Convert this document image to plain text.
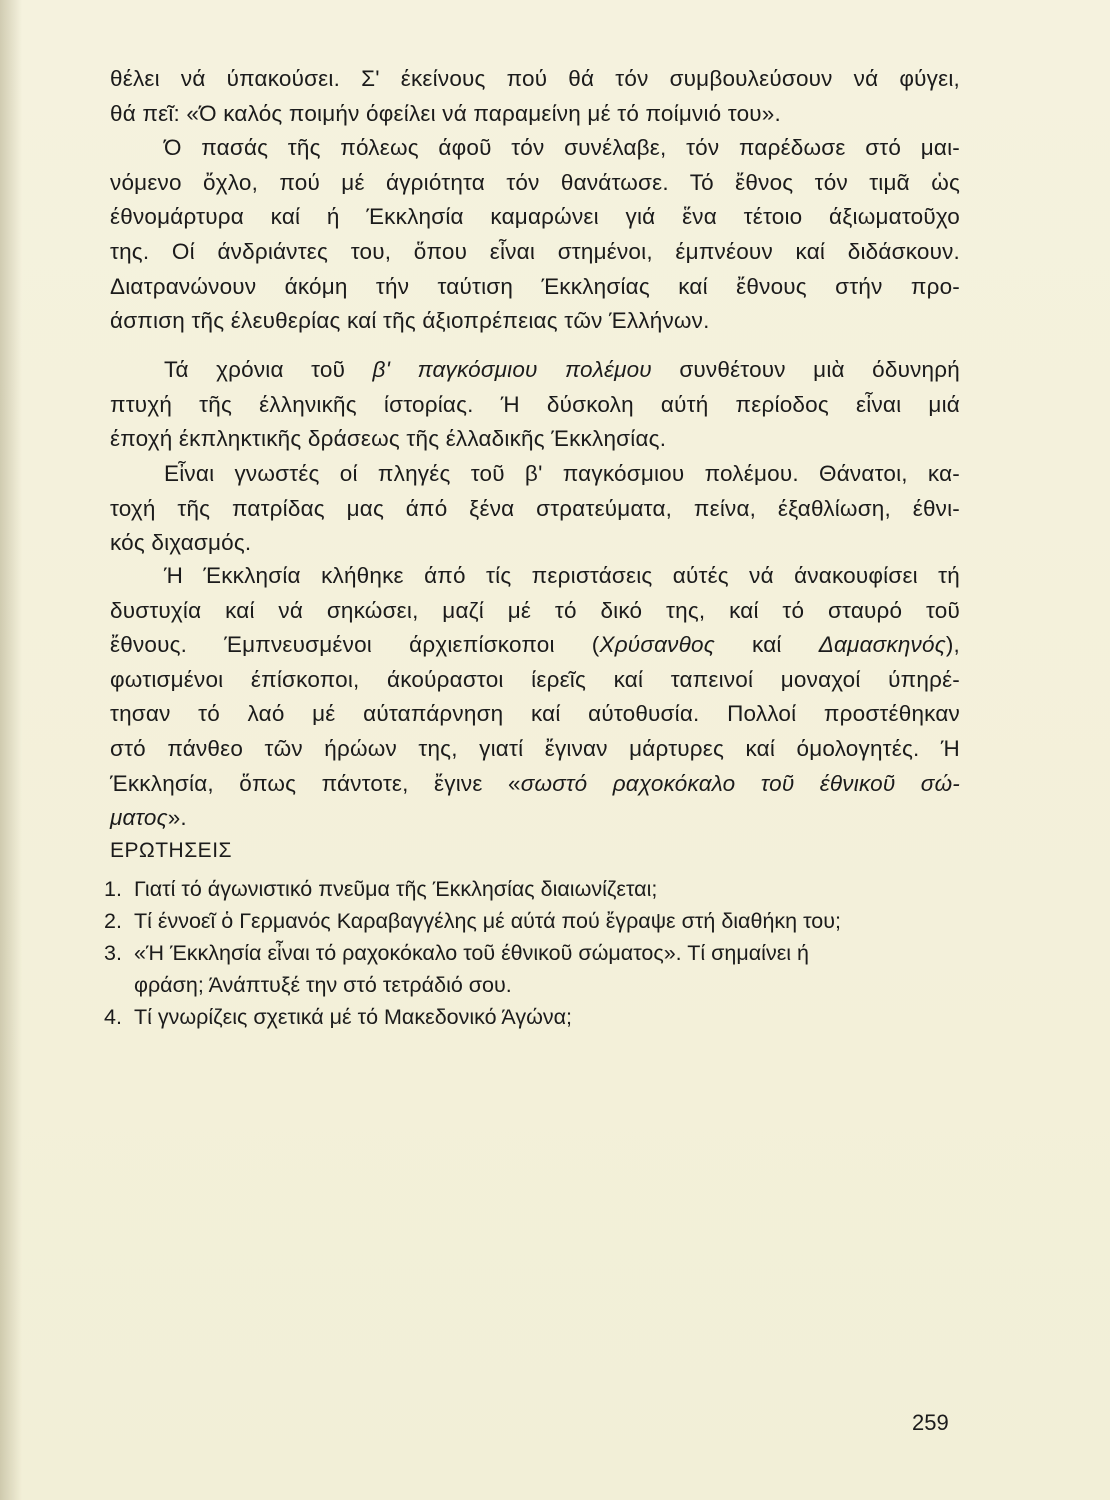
θέλει νά ύπακούσει. Σ' έκείνους πού θά τόν συμβουλεύσουν νά φύγει,
θά πεῖ: «Ό καλός ποιμήν όφείλει νά παραμείνη μέ τό ποίμνιό του».
Ό πασάς τῆς πόλεως άφοῦ τόν συνέλαβε, τόν παρέδωσε στό μαι-
νόμενο ὄχλο, πού μέ άγριότητα τόν θανάτωσε. Τό ἔθνος τόν τιμᾶ ὡς
έθνομάρτυρα καί ή Έκκλησία καμαρώνει γιά ἕνα τέτοιο άξιωματοῦχο
της. Οί άνδριάντες του, ὅπου εἶναι στημένοι, έμπνέουν καί διδάσκουν.
Διατρανώνουν άκόμη τήν ταύτιση Έκκλησίας καί ἔθνους στήν προ-
άσπιση τῆς έλευθερίας καί τῆς άξιοπρέπειας τῶν Έλλήνων.
Τά χρόνια τοῦ β' παγκόσμιου πολέμου συνθέτουν μιὰ όδυνηρή
πτυχή τῆς έλληνικῆς ίστορίας. Ή δύσκολη αύτή περίοδος εἶναι μιά
έποχή έκπληκτικῆς δράσεως τῆς έλλαδικῆς Έκκλησίας.
Εἶναι γνωστές οί πληγές τοῦ β' παγκόσμιου πολέμου. Θάνατοι, κα-
τοχή τῆς πατρίδας μας άπό ξένα στρατεύματα, πείνα, έξαθλίωση, έθνι-
κός διχασμός.
Ή Έκκλησία κλήθηκε άπό τίς περιστάσεις αύτές νά άνακουφίσει τή
δυστυχία καί νά σηκώσει, μαζί μέ τό δικό της, καί τό σταυρό τοῦ
ἔθνους. Έμπνευσμένοι άρχιεπίσκοποι (Χρύσανθος καί Δαμασκηνός),
φωτισμένοι έπίσκοποι, άκούραστοι ίερεῖς καί ταπεινοί μοναχοί ύπηρέ-
τησαν τό λαό μέ αύταπάρνηση καί αύτοθυσία. Πολλοί προστέθηκαν
στό πάνθεο τῶν ήρώων της, γιατί ἔγιναν μάρτυρες καί όμολογητές. Ή
Έκκλησία, ὅπως πάντοτε, ἔγινε «σωστό ραχοκόκαλο τοῦ έθνικοῦ σώ-
ματος».
ΕΡΩΤΗΣΕΙΣ
1. Γιατί τό άγωνιστικό πνεῦμα τῆς Έκκλησίας διαιωνίζεται;
2. Τί έννοεῖ ὁ Γερμανός Καραβαγγέλης μέ αύτά πού ἔγραψε στή διαθήκη του;
3. «Ή Έκκλησία εἶναι τό ραχοκόκαλο τοῦ έθνικοῦ σώματος». Τί σημαίνει ή
φράση; Άνάπτυξέ την στό τετράδιό σου.
4. Τί γνωρίζεις σχετικά μέ τό Μακεδονικό Άγώνα;
259
